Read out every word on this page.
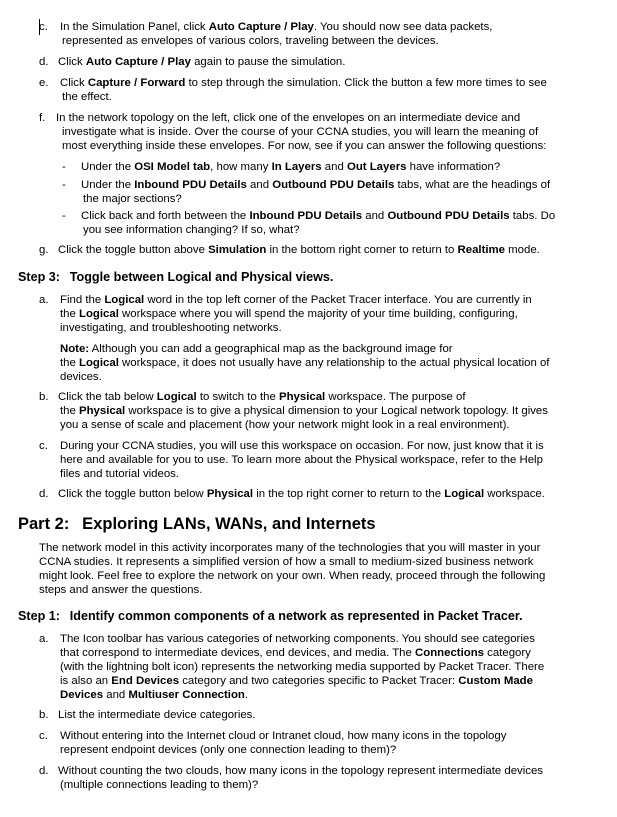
c. In the Simulation Panel, click Auto Capture / Play. You should now see data packets,

represented as envelopes of various colors, traveling between the devices.

d. Click Auto Capture / Play again to pause the simulation.

e. Click Capture / Forward to step through the simulation. Click the button a few more times to see

the effect.

f. In the network topology on the left, click one of the envelopes on an intermediate device and

investigate what is inside. Over the course of your CCNA studies, you will learn the meaning of

most everything inside these envelopes. For now, see if you can answer the following questions:

- Under the OSI Model tab, how many In Layers and Out Layers have information?

- Under the Inbound PDU Details and Outbound PDU Details tabs, what are the headings of

the major sections?

- Click back and forth between the Inbound PDU Details and Outbound PDU Details tabs. Do

you see information changing? If so, what?

g. Click the toggle button above Simulation in the bottom right corner to return to Realtime mode.

Step 3:  Toggle between Logical and Physical views.
a. Find the Logical word in the top left corner of the Packet Tracer interface. You are currently in

the Logical workspace where you will spend the majority of your time building, configuring,

investigating, and troubleshooting networks.

Note: Although you can add a geographical map as the background image for

the Logical workspace, it does not usually have any relationship to the actual physical location of

devices.

b. Click the tab below Logical to switch to the Physical workspace. The purpose of

the Physical workspace is to give a physical dimension to your Logical network topology. It gives

you a sense of scale and placement (how your network might look in a real environment).

c. During your CCNA studies, you will use this workspace on occasion. For now, just know that it is

here and available for you to use. To learn more about the Physical workspace, refer to the Help

files and tutorial videos.

d. Click the toggle button below Physical in the top right corner to return to the Logical workspace.

Part 2:  Exploring LANs, WANs, and Internets

The network model in this activity incorporates many of the technologies that you will master in your

CCNA studies. It represents a simplified version of how a small to medium-sized business network

might look. Feel free to explore the network on your own. When ready, proceed through the following

steps and answer the questions.

Step 1:  Identify common components of a network as represented in Packet Tracer.
a. The Icon toolbar has various categories of networking components. You should see categories

that correspond to intermediate devices, end devices, and media. The Connections category

(with the lightning bolt icon) represents the networking media supported by Packet Tracer. There

is also an End Devices category and two categories specific to Packet Tracer: Custom Made

Devices and Multiuser Connection.

b. List the intermediate device categories.

c. Without entering into the Internet cloud or Intranet cloud, how many icons in the topology

represent endpoint devices (only one connection leading to them)?

d. Without counting the two clouds, how many icons in the topology represent intermediate devices

(multiple connections leading to them)?
